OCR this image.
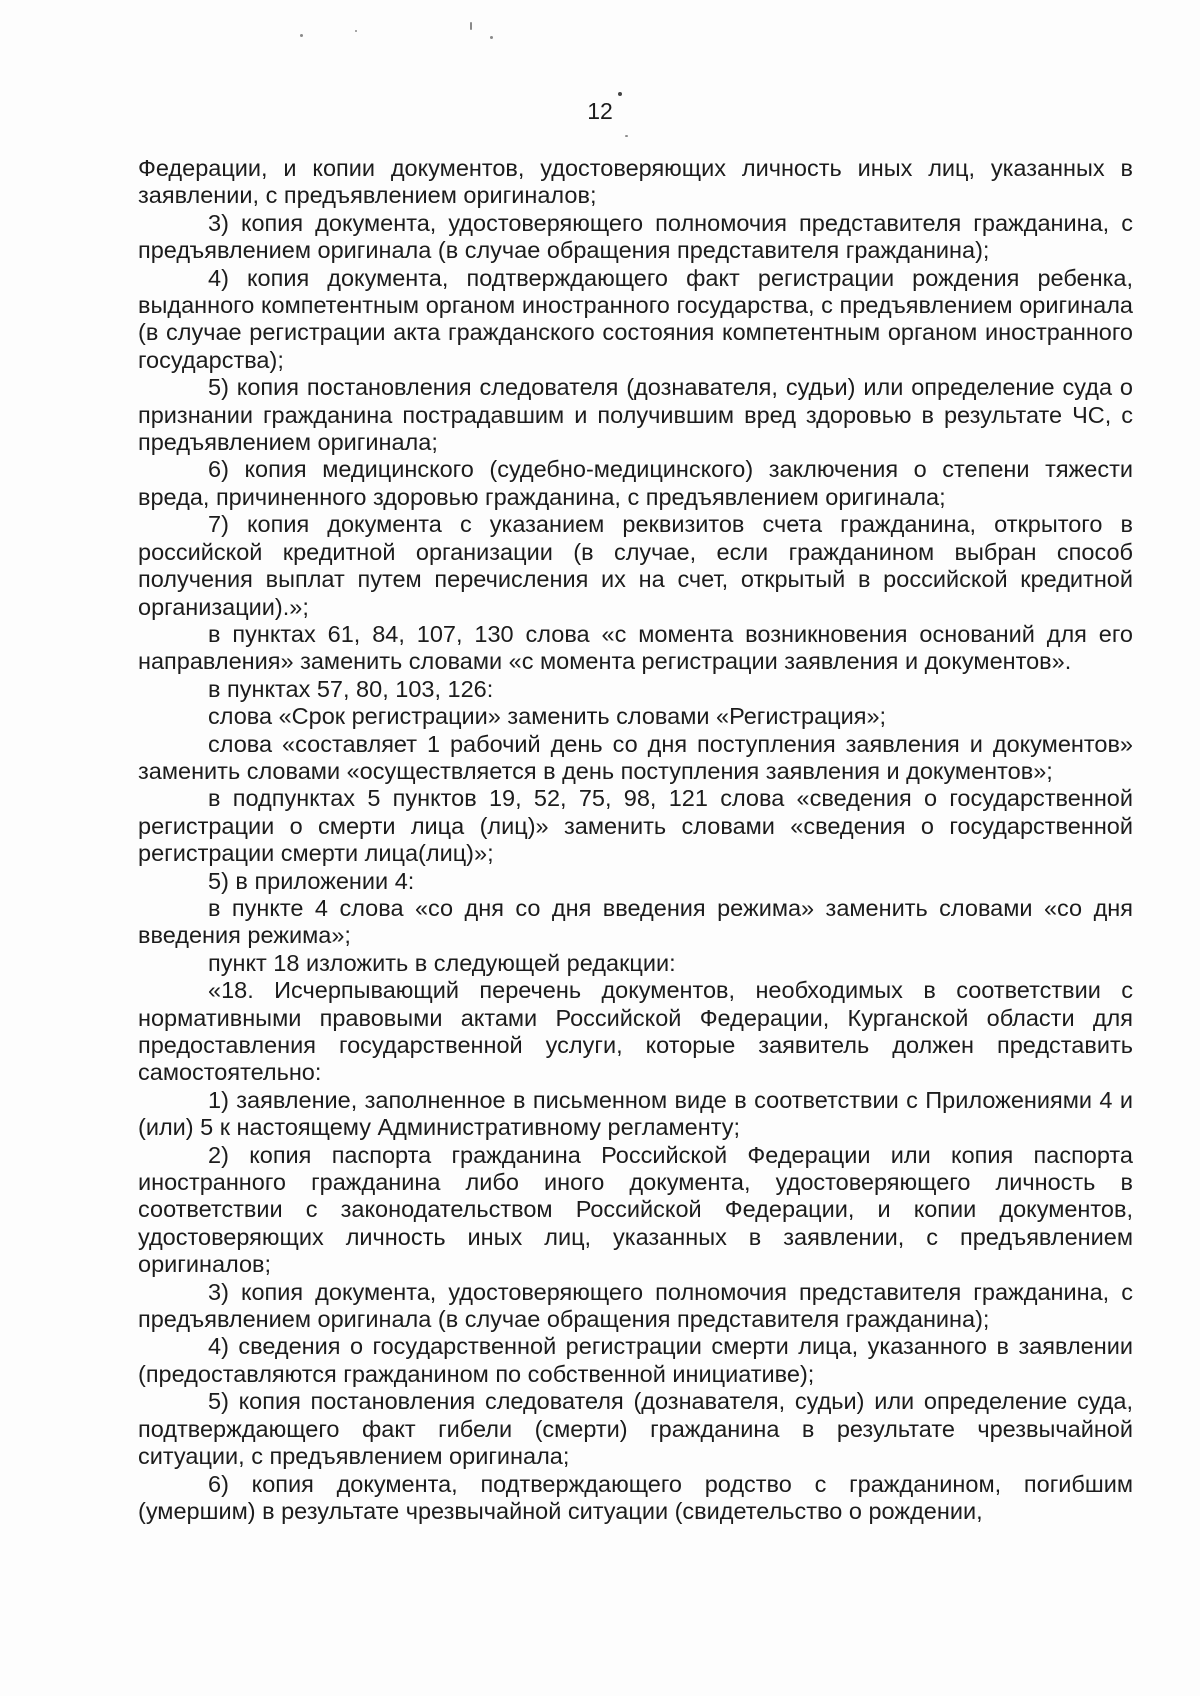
12

Федерации, и копии документов, удостоверяющих личность иных лиц, указанных в заявлении, с предъявлением оригиналов;

3) копия документа, удостоверяющего полномочия представителя гражданина, с предъявлением оригинала (в случае обращения представителя гражданина);

4) копия документа, подтверждающего факт регистрации рождения ребенка, выданного компетентным органом иностранного государства, с предъявлением оригинала (в случае регистрации акта гражданского состояния компетентным органом иностранного государства);

5) копия постановления следователя (дознавателя, судьи) или определение суда о признании гражданина пострадавшим и получившим вред здоровью в результате ЧС, с предъявлением оригинала;

6) копия медицинского (судебно-медицинского) заключения о степени тяжести вреда, причиненного здоровью гражданина, с предъявлением оригинала;

7) копия документа с указанием реквизитов счета гражданина, открытого в российской кредитной организации (в случае, если гражданином выбран способ получения выплат путем перечисления их на счет, открытый в российской кредитной организации).»;

в пунктах 61, 84, 107, 130 слова «с момента возникновения оснований для его направления» заменить словами «с момента регистрации заявления и документов».

в пунктах 57, 80, 103, 126:

слова «Срок регистрации» заменить словами «Регистрация»;

слова «составляет 1 рабочий день со дня поступления заявления и документов» заменить словами «осуществляется в день поступления заявления и документов»;

в подпунктах 5 пунктов 19, 52, 75, 98, 121 слова «сведения о государственной регистрации о смерти лица (лиц)» заменить словами «сведения о государственной регистрации смерти лица(лиц)»;

5) в приложении 4:

в пункте 4 слова «со дня со дня введения режима» заменить словами «со дня введения режима»;

пункт 18 изложить в следующей редакции:

«18. Исчерпывающий перечень документов, необходимых в соответствии с нормативными правовыми актами Российской Федерации, Курганской области для предоставления государственной услуги, которые заявитель должен представить самостоятельно:

1) заявление, заполненное в письменном виде в соответствии с Приложениями 4 и (или) 5 к настоящему Административному регламенту;

2) копия паспорта гражданина Российской Федерации или копия паспорта иностранного гражданина либо иного документа, удостоверяющего личность в соответствии с законодательством Российской Федерации, и копии документов, удостоверяющих личность иных лиц, указанных в заявлении, с предъявлением оригиналов;

3) копия документа, удостоверяющего полномочия представителя гражданина, с предъявлением оригинала (в случае обращения представителя гражданина);

4) сведения о государственной регистрации смерти лица, указанного в заявлении (предоставляются гражданином по собственной инициативе);

5) копия постановления следователя (дознавателя, судьи) или определение суда, подтверждающего факт гибели (смерти) гражданина в результате чрезвычайной ситуации, с предъявлением оригинала;

6) копия документа, подтверждающего родство с гражданином, погибшим (умершим) в результате чрезвычайной ситуации (свидетельство о рождении,
